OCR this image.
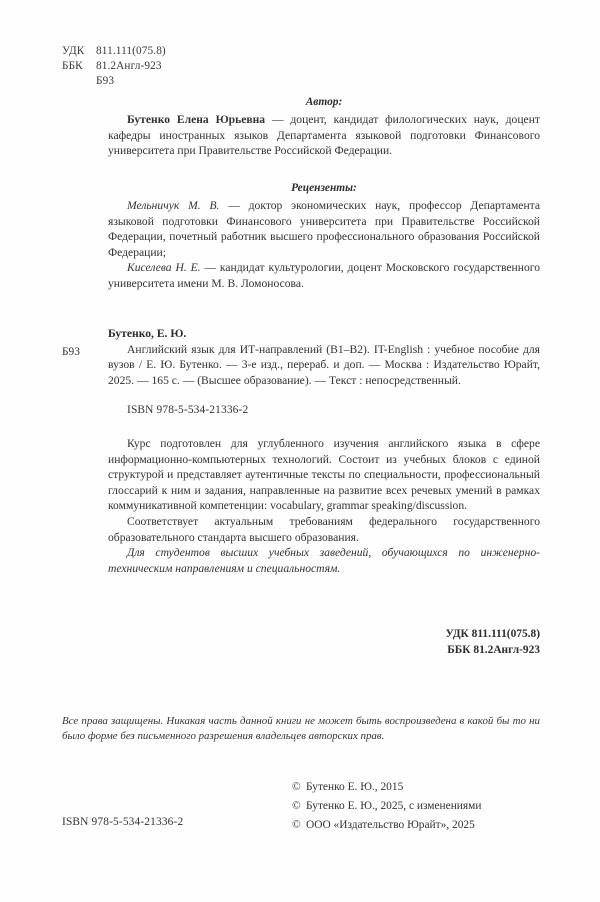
УДК 811.111(075.8)
ББК 81.2Англ-923
Б93
Автор:

Бутенко Елена Юрьевна — доцент, кандидат филологических наук, доцент кафедры иностранных языков Департамента языковой подготовки Финансового университета при Правительстве Российской Федерации.

Рецензенты:

Мельничук М. В. — доктор экономических наук, профессор Департамента языковой подготовки Финансового университета при Правительстве Российской Федерации, почетный работник высшего профессионального образования Российской Федерации;

Киселева Н. Е. — кандидат культурологии, доцент Московского государственного университета имени М. В. Ломоносова.

Б93

Бутенко, Е. Ю.

Английский язык для ИТ-направлений (B1–B2). IT-English : учебное пособие для вузов / Е. Ю. Бутенко. — 3-е изд., перераб. и доп. — Москва : Издательство Юрайт, 2025. — 165 с. — (Высшее образование). — Текст : непосредственный.

ISBN 978-5-534-21336-2

Курс подготовлен для углубленного изучения английского языка в сфере информационно-компьютерных технологий. Состоит из учебных блоков с единой структурой и представляет аутентичные тексты по специальности, профессиональный глоссарий к ним и задания, направленные на развитие всех речевых умений в рамках коммуникативной компетенции: vocabulary, grammar speaking/discussion.

Соответствует актуальным требованиям федерального государственного образовательного стандарта высшего образования.

Для студентов высших учебных заведений, обучающихся по инженерно-техническим направлениям и специальностям.

УДК 811.111(075.8)
ББК 81.2Англ-923
Все права защищены. Никакая часть данной книги не может быть воспроизведена в какой бы то ни было форме без письменного разрешения владельцев авторских прав.
ISBN 978-5-534-21336-2
© Бутенко Е. Ю., 2015
© Бутенко Е. Ю., 2025, с изменениями
© ООО «Издательство Юрайт», 2025
